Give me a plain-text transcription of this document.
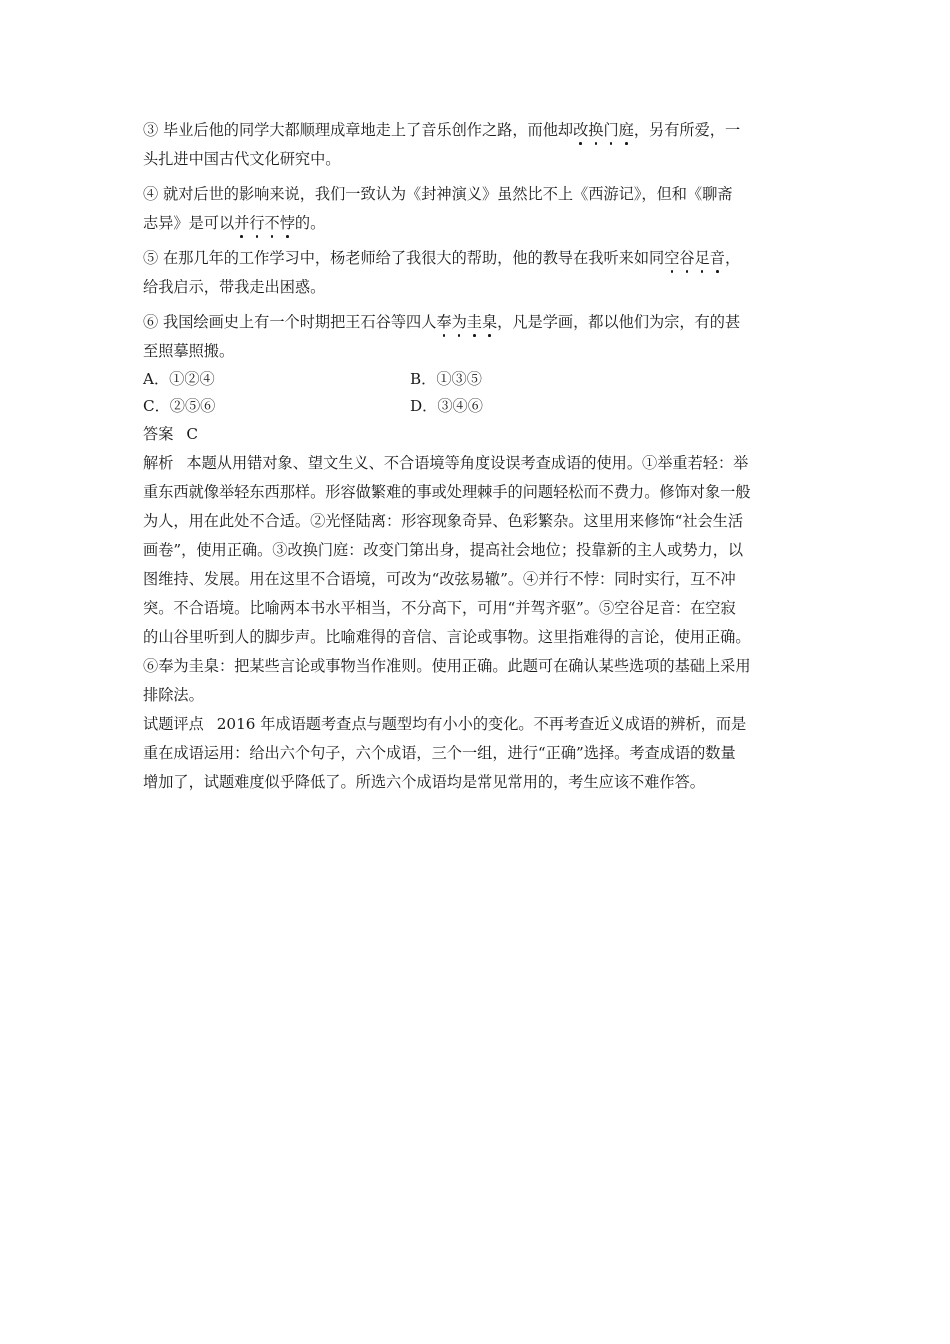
③ 毕业后他的同学大都顺理成章地走上了音乐创作之路，而他却改换门庭，另有所爱，一
头扎进中国古代文化研究中。
④ 就对后世的影响来说，我们一致认为《封神演义》虽然比不上《西游记》，但和《聊斋
志异》是可以并行不悖的。
⑤ 在那几年的工作学习中，杨老师给了我很大的帮助，他的教导在我听来如同空谷足音，
给我启示，带我走出困惑。
⑥ 我国绘画史上有一个时期把王石谷等四人奉为圭臬，凡是学画，都以他们为宗，有的甚
至照摹照搬。
A．①②④	B．①③⑤
C．②⑤⑥	D．③④⑥
答案 C
解析 本题从用错对象、望文生义、不合语境等角度设误考查成语的使用。①举重若轻：举
重东西就像举轻东西那样。形容做繁难的事或处理棘手的问题轻松而不费力。修饰对象一般
为人，用在此处不合适。②光怪陆离：形容现象奇异、色彩繁杂。这里用来修饰“社会生活
画卷”，使用正确。③改换门庭：改变门第出身，提高社会地位；投靠新的主人或势力，以
图维持、发展。用在这里不合语境，可改为“改弦易辙”。④并行不悖：同时实行，互不冲
突。不合语境。比喻两本书水平相当，不分高下，可用“并驾齐驱”。⑤空谷足音：在空寂
的山谷里听到人的脚步声。比喻难得的音信、言论或事物。这里指难得的言论，使用正确。
⑥奉为圭臬：把某些言论或事物当作准则。使用正确。此题可在确认某些选项的基础上采用
排除法。
试题评点 2016 年成语题考查点与题型均有小小的变化。不再考查近义成语的辨析，而是
重在成语运用：给出六个句子，六个成语，三个一组，进行“正确”选择。考查成语的数量
增加了，试题难度似乎降低了。所选六个成语均是常见常用的，考生应该不难作答。
